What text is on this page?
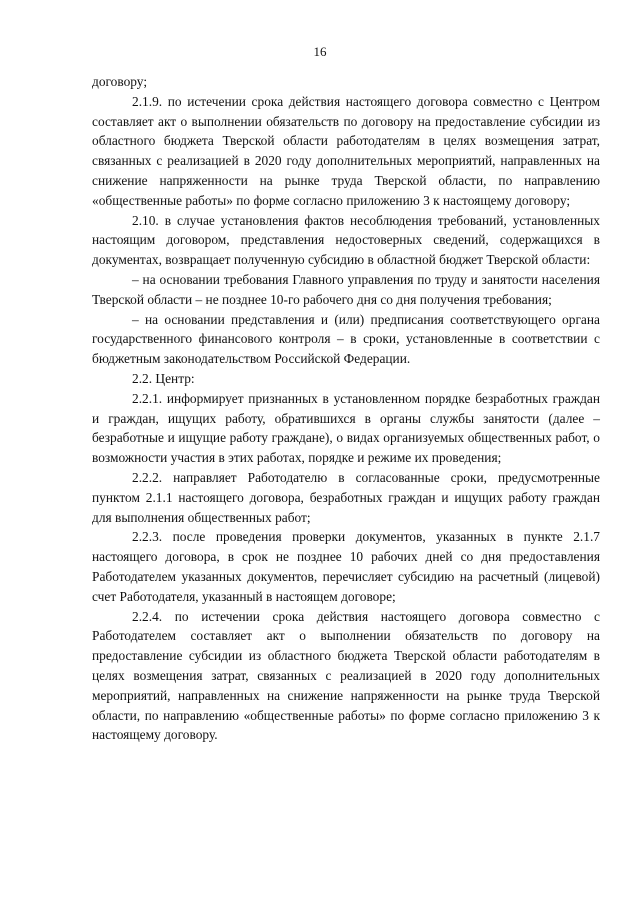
16

договору;

2.1.9. по истечении срока действия настоящего договора совместно с Центром составляет акт о выполнении обязательств по договору на предоставление субсидии из областного бюджета Тверской области работодателям в целях возмещения затрат, связанных с реализацией в 2020 году дополнительных мероприятий, направленных на снижение напряженности на рынке труда Тверской области, по направлению «общественные работы» по форме согласно приложению 3 к настоящему договору;

2.10. в случае установления фактов несоблюдения требований, установленных настоящим договором, представления недостоверных сведений, содержащихся в документах, возвращает полученную субсидию в областной бюджет Тверской области:

– на основании требования Главного управления по труду и занятости населения Тверской области – не позднее 10-го рабочего дня со дня получения требования;

– на основании представления и (или) предписания соответствующего органа государственного финансового контроля – в сроки, установленные в соответствии с бюджетным законодательством Российской Федерации.

2.2. Центр:

2.2.1. информирует признанных в установленном порядке безработных граждан и граждан, ищущих работу, обратившихся в органы службы занятости (далее – безработные и ищущие работу граждане), о видах организуемых общественных работ, о возможности участия в этих работах, порядке и режиме их проведения;

2.2.2. направляет Работодателю в согласованные сроки, предусмотренные пунктом 2.1.1 настоящего договора, безработных граждан и ищущих работу граждан для выполнения общественных работ;

2.2.3. после проведения проверки документов, указанных в пункте 2.1.7 настоящего договора, в срок не позднее 10 рабочих дней со дня предоставления Работодателем указанных документов, перечисляет субсидию на расчетный (лицевой) счет Работодателя, указанный в настоящем договоре;

2.2.4. по истечении срока действия настоящего договора совместно с Работодателем составляет акт о выполнении обязательств по договору на предоставление субсидии из областного бюджета Тверской области работодателям в целях возмещения затрат, связанных с реализацией в 2020 году дополнительных мероприятий, направленных на снижение напряженности на рынке труда Тверской области, по направлению «общественные работы» по форме согласно приложению 3 к настоящему договору.
